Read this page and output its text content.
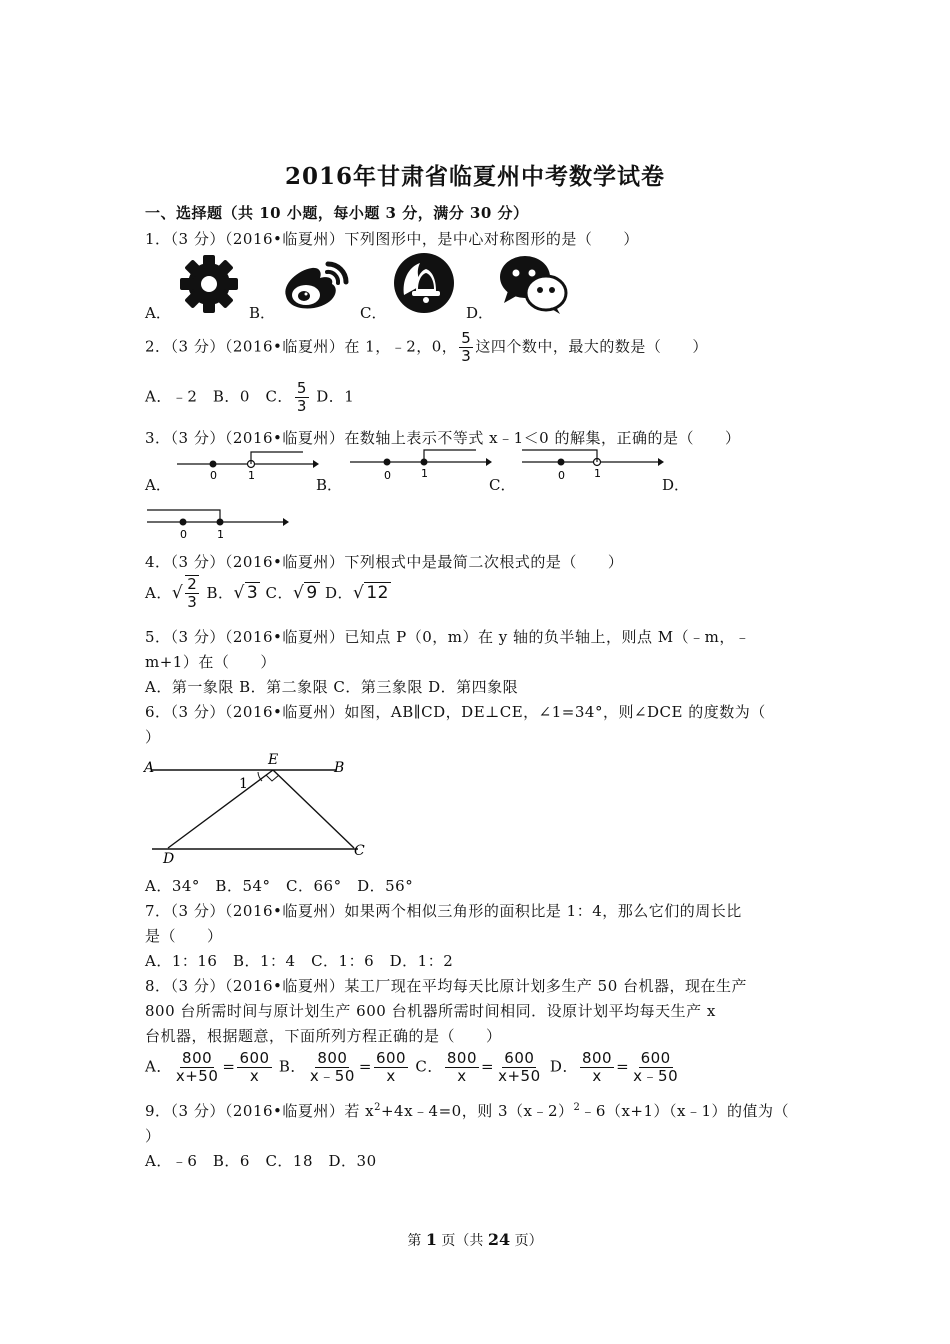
2016年甘肃省临夏州中考数学试卷
一、选择题（共 10 小题，每小题 3 分，满分 30 分）
1．（3 分）（2016•临夏州）下列图形中，是中心对称图形的是（　　）
A．	B．	C．	D．
2．（3 分）（2016•临夏州）在 1，﹣2，0， $\frac{5}{3}$ 这四个数中，最大的数是（　　）
A．﹣2　B．0　C． $\frac{5}{3}$ D．1
3．（3 分）（2016•临夏州）在数轴上表示不等式 x﹣1＜0 的解集，正确的是（　　）
0	1
A．
0	1
B．
0	1
C．	D．
0	1
4．（3 分）（2016•临夏州）下列根式中是最简二次根式的是（　　）
A．√ $\frac{2}{3}$ B．√ 3 C．√ 9 D．√ 12
5．（3 分）（2016•临夏州）已知点 P（0，m）在 y 轴的负半轴上，则点 M（﹣m，﹣
m+1）在（　　）
A．第一象限 B．第二象限 C．第三象限 D．第四象限
6．（3 分）（2016•临夏州）如图，AB∥CD，DE⊥CE，∠1=34°，则∠DCE 的度数为（
）
A	B
E
D	C
1
A．34°　B．54°　C．66°　D．56°
7．（3 分）（2016•临夏州）如果两个相似三角形的面积比是 1：4，那么它们的周长比
是（　　）
A．1：16　B．1：4　C．1：6　D．1：2
8．（3 分）（2016•临夏州）某工厂现在平均每天比原计划多生产 50 台机器，现在生产
800 台所需时间与原计划生产 600 台机器所需时间相同．设原计划平均每天生产 x
台机器，根据题意，下面所列方程正确的是（　　）
A． $\frac{800}{x+50} = \frac{600}{x}$ B． $\frac{800}{x﹣50} = \frac{600}{x}$ C． $\frac{800}{x} = \frac{600}{x+50}$ D． $\frac{800}{x} = \frac{600}{x﹣50}$
9．（3 分）（2016•临夏州）若 $x^2+4x﹣4=0$，则 3（x﹣2）$^2$﹣6（x+1）（x﹣1）的值为（
）
A．﹣6　B．6　C．18　D．30
第 1 页（共 24 页）
